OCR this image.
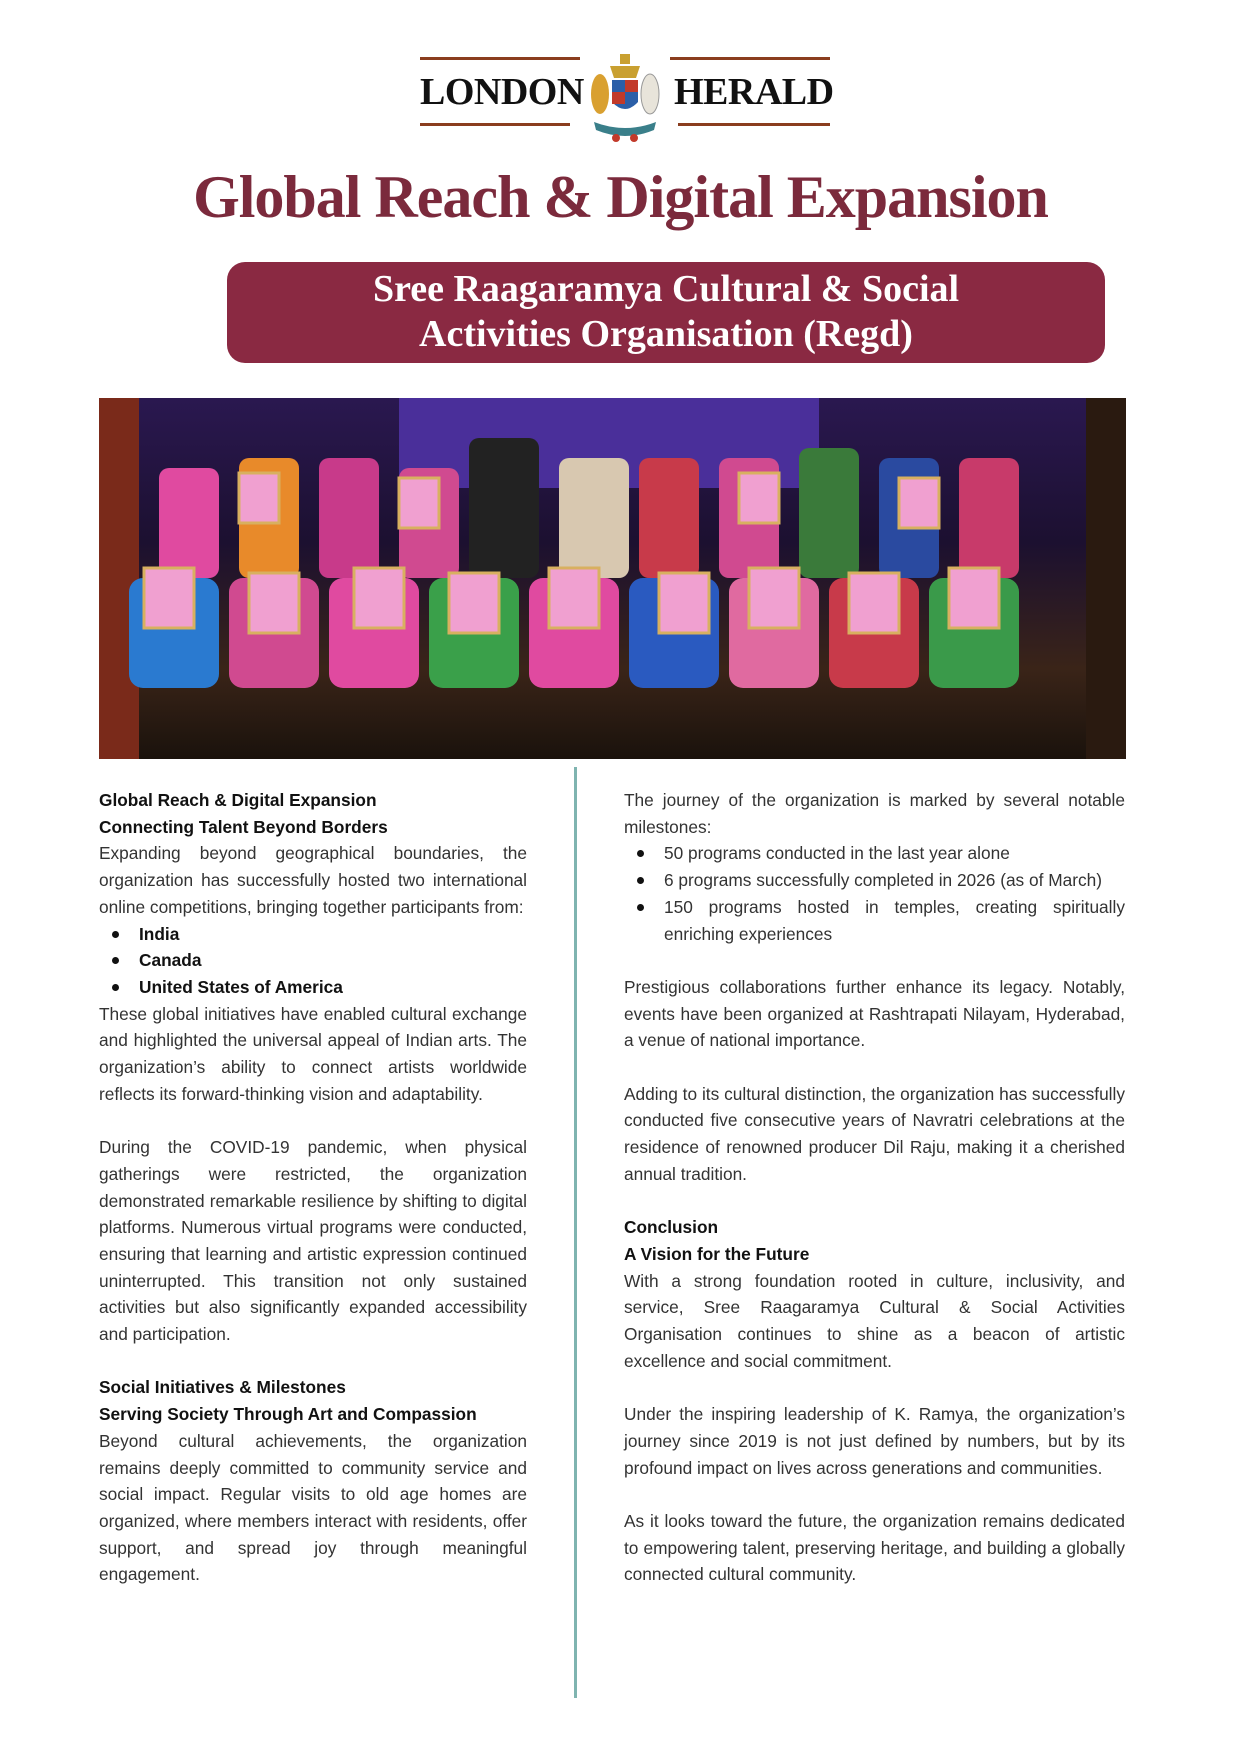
LONDON HERALD
Global Reach & Digital Expansion
Sree Raagaramya Cultural & Social
Activities Organisation (Regd)
Global Reach & Digital Expansion
Connecting Talent Beyond Borders

Expanding beyond geographical boundaries, the organization has successfully hosted two international online competitions, bringing together participants from:

India
Canada
United States of America

These global initiatives have enabled cultural exchange and highlighted the universal appeal of Indian arts. The organization’s ability to connect artists worldwide reflects its forward-thinking vision and adaptability.

During the COVID-19 pandemic, when physical gatherings were restricted, the organization demonstrated remarkable resilience by shifting to digital platforms. Numerous virtual programs were conducted, ensuring that learning and artistic expression continued uninterrupted. This transition not only sustained activities but also significantly expanded accessibility and participation.

Social Initiatives & Milestones
Serving Society Through Art and Compassion

Beyond cultural achievements, the organization remains deeply committed to community service and social impact. Regular visits to old age homes are organized, where members interact with residents, offer support, and spread joy through meaningful engagement.

The journey of the organization is marked by several notable milestones:

50 programs conducted in the last year alone
6 programs successfully completed in 2026 (as of March)
150 programs hosted in temples, creating spiritually enriching experiences

Prestigious collaborations further enhance its legacy. Notably, events have been organized at Rashtrapati Nilayam, Hyderabad, a venue of national importance.

Adding to its cultural distinction, the organization has successfully conducted five consecutive years of Navratri celebrations at the residence of renowned producer Dil Raju, making it a cherished annual tradition.

Conclusion
A Vision for the Future

With a strong foundation rooted in culture, inclusivity, and service, Sree Raagaramya Cultural & Social Activities Organisation continues to shine as a beacon of artistic excellence and social commitment.

Under the inspiring leadership of K. Ramya, the organization’s journey since 2019 is not just defined by numbers, but by its profound impact on lives across generations and communities.

As it looks toward the future, the organization remains dedicated to empowering talent, preserving heritage, and building a globally connected cultural community.
